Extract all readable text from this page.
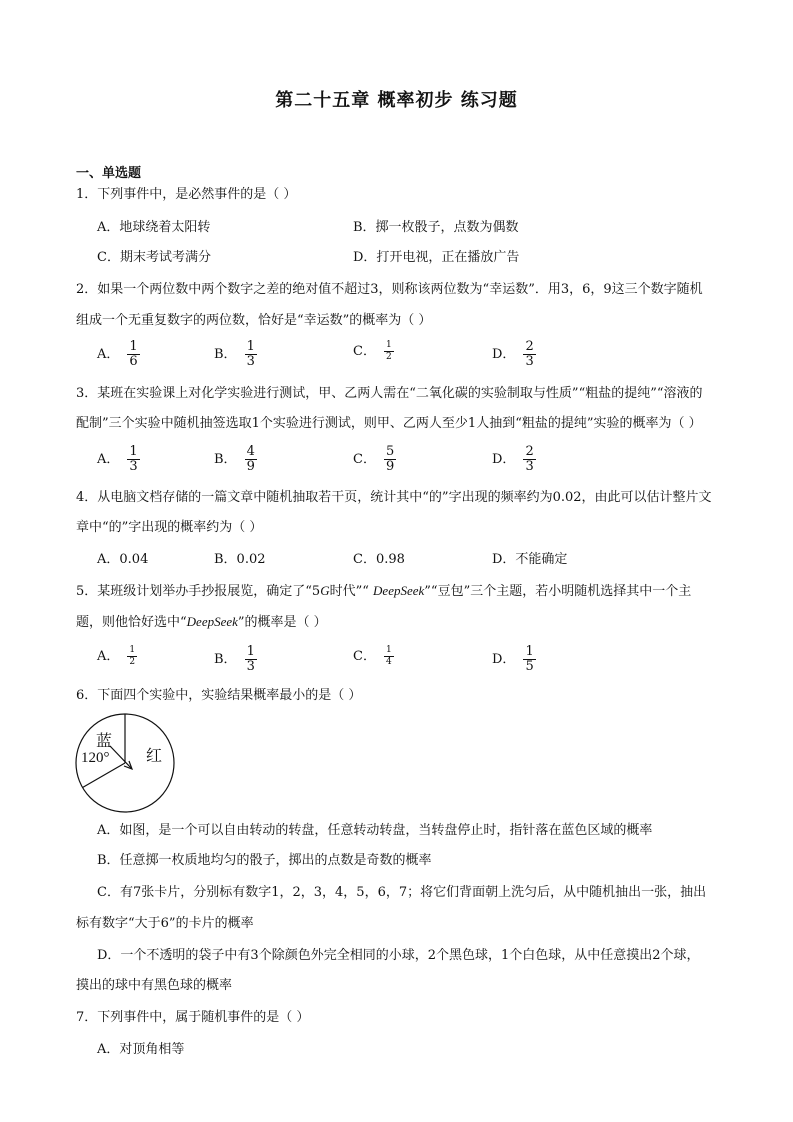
第二十五章 概率初步 练习题
一、单选题
1．下列事件中，是必然事件的是（ ）
A．地球绕着太阳转	B．掷一枚骰子，点数为偶数
C．期末考试考满分	D．打开电视，正在播放广告
2．如果一个两位数中两个数字之差的绝对值不超过3，则称该两位数为“幸运数”．用3，6，9这三个数字随机
组成一个无重复数字的两位数，恰好是“幸运数”的概率为（ ）
A． $\frac{1}{6}$	B． $\frac{1}{3}$	C． $\frac{1}{2}$	D． $\frac{2}{3}$
3．某班在实验课上对化学实验进行测试，甲、乙两人需在“二氧化碳的实验制取与性质”“粗盐的提纯”“溶液的
配制”三个实验中随机抽签选取1个实验进行测试，则甲、乙两人至少1人抽到“粗盐的提纯”实验的概率为（ ）
A． $\frac{1}{3}$	B． $\frac{4}{9}$	C． $\frac{5}{9}$	D． $\frac{2}{3}$
4．从电脑文档存储的一篇文章中随机抽取若干页，统计其中“的”字出现的频率约为0.02，由此可以估计整片文
章中“的”字出现的概率约为（ ）
A．0.04	B．0.02	C．0.98	D．不能确定
5．某班级计划举办手抄报展览，确定了“5G时代”“ DeepSeek”“豆包”三个主题，若小明随机选择其中一个主
题，则他恰好选中“DeepSeek”的概率是（ ）
A． $\frac{1}{2}$	B． $\frac{1}{3}$	C． $\frac{1}{4}$	D． $\frac{1}{5}$
6．下面四个实验中，实验结果概率最小的是（ ）
蓝
120° 红
A．如图，是一个可以自由转动的转盘，任意转动转盘，当转盘停止时，指针落在蓝色区域的概率
B．任意掷一枚质地均匀的骰子，掷出的点数是奇数的概率
C．有7张卡片，分别标有数字1，2，3，4，5，6，7；将它们背面朝上洗匀后，从中随机抽出一张，抽出
标有数字“大于6”的卡片的概率
D．一个不透明的袋子中有3个除颜色外完全相同的小球，2个黑色球，1个白色球，从中任意摸出2个球，
摸出的球中有黑色球的概率
7．下列事件中，属于随机事件的是（ ）
A．对顶角相等
